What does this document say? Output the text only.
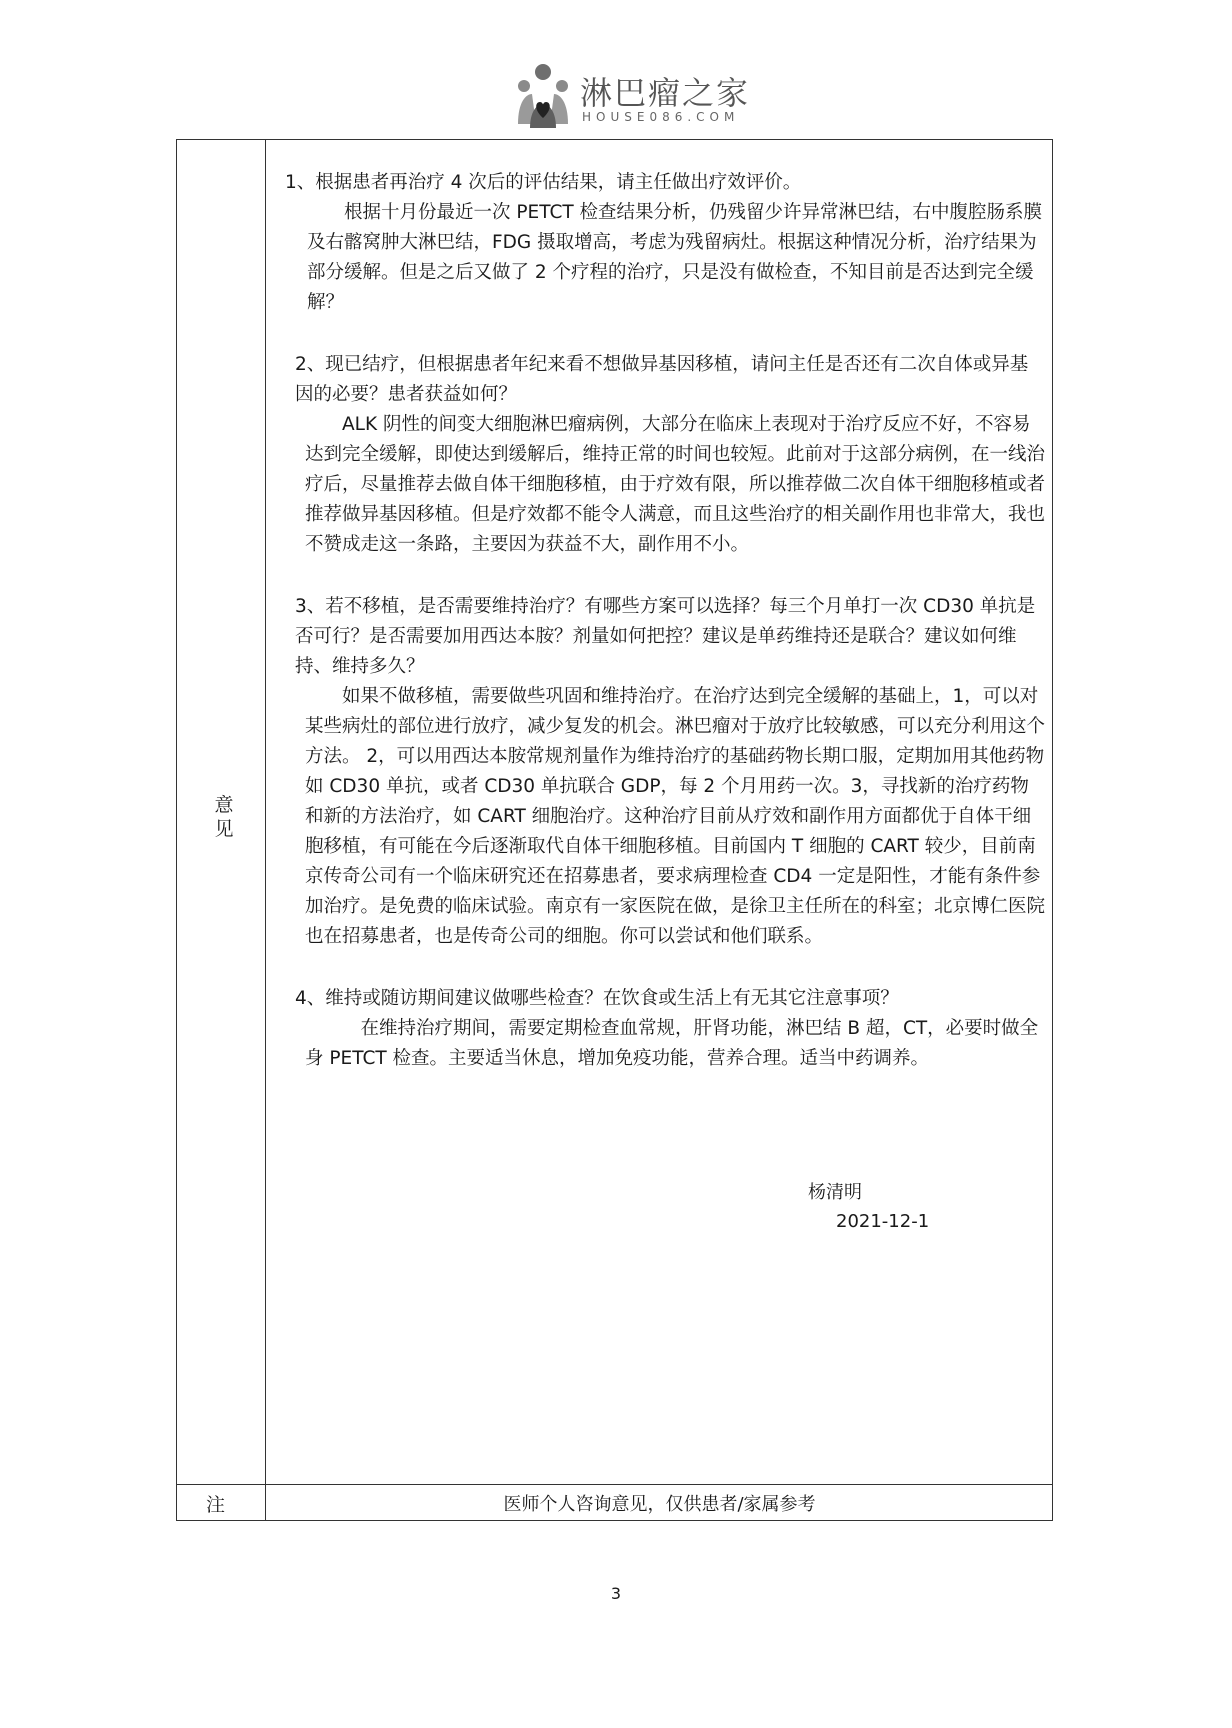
淋巴瘤之家
HOUSE086.COM
意
见

1、根据患者再治疗 4 次后的评估结果，请主任做出疗效评价。

根据十月份最近一次 PETCT 检查结果分析，仍残留少许异常淋巴结，右中腹腔肠系膜及右髂窝肿大淋巴结，FDG 摄取增高，考虑为残留病灶。根据这种情况分析，治疗结果为部分缓解。但是之后又做了 2 个疗程的治疗，只是没有做检查，不知目前是否达到完全缓解？

2、现已结疗，但根据患者年纪来看不想做异基因移植，请问主任是否还有二次自体或异基因的必要？患者获益如何？

ALK 阴性的间变大细胞淋巴瘤病例，大部分在临床上表现对于治疗反应不好，不容易达到完全缓解，即使达到缓解后，维持正常的时间也较短。此前对于这部分病例，在一线治疗后，尽量推荐去做自体干细胞移植，由于疗效有限，所以推荐做二次自体干细胞移植或者推荐做异基因移植。但是疗效都不能令人满意，而且这些治疗的相关副作用也非常大，我也不赞成走这一条路，主要因为获益不大，副作用不小。

3、若不移植，是否需要维持治疗？有哪些方案可以选择？每三个月单打一次 CD30 单抗是否可行？是否需要加用西达本胺？剂量如何把控？建议是单药维持还是联合？建议如何维持、维持多久？

如果不做移植，需要做些巩固和维持治疗。在治疗达到完全缓解的基础上，1，可以对某些病灶的部位进行放疗，减少复发的机会。淋巴瘤对于放疗比较敏感，可以充分利用这个方法。 2，可以用西达本胺常规剂量作为维持治疗的基础药物长期口服，定期加用其他药物如 CD30 单抗，或者 CD30 单抗联合 GDP，每 2 个月用药一次。3，寻找新的治疗药物和新的方法治疗，如 CART 细胞治疗。这种治疗目前从疗效和副作用方面都优于自体干细胞移植，有可能在今后逐渐取代自体干细胞移植。目前国内 T 细胞的 CART 较少，目前南京传奇公司有一个临床研究还在招募患者，要求病理检查 CD4 一定是阳性，才能有条件参加治疗。是免费的临床试验。南京有一家医院在做，是徐卫主任所在的科室；北京博仁医院也在招募患者，也是传奇公司的细胞。你可以尝试和他们联系。

4、维持或随访期间建议做哪些检查？在饮食或生活上有无其它注意事项？

在维持治疗期间，需要定期检查血常规，肝肾功能，淋巴结 B 超，CT，必要时做全身 PETCT 检查。主要适当休息，增加免疫功能，营养合理。适当中药调养。

杨清明
2021-12-1
注	医师个人咨询意见，仅供患者/家属参考
3
